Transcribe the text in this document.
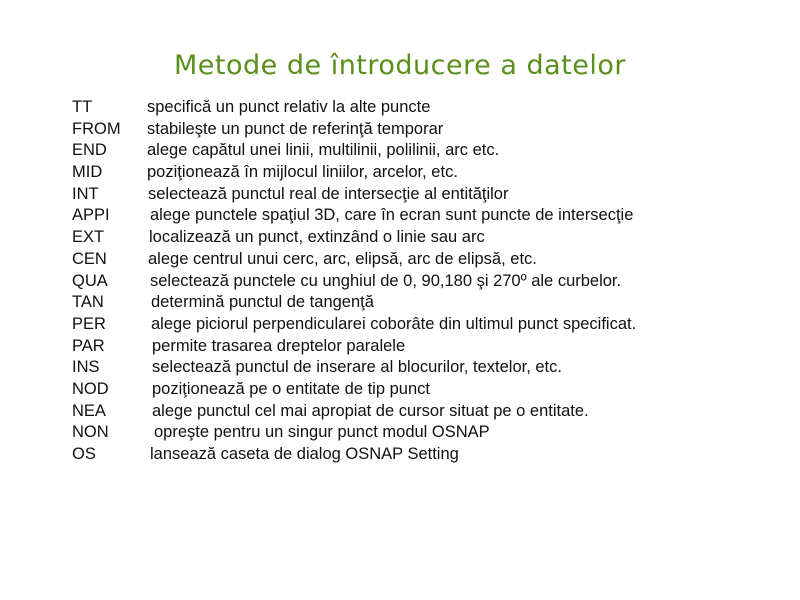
Metode de întroducere a datelor
TT	specifică un punct relativ la alte puncte
FROM stabileşte un punct de referinţă temporar
END alege capătul unei linii, multilinii, polilinii, arc etc.
MID	poziţionează în mijlocul liniilor, arcelor, etc.
INT	selectează punctul real de intersecţie al entităţilor
APPI alege punctele spaţiul 3D, care în ecran sunt puncte de intersecţie
EXT	localizează un punct, extinzând o linie sau arc
CEN alege centrul unui cerc, arc, elipsă, arc de elipsă, etc.
QUA	selectează punctele cu unghiul de 0, 90,180 şi 270º ale curbelor.
TAN	determină punctul de tangenţă
PER	alege piciorul perpendicularei coborâte din ultimul punct specificat.
PAR	permite trasarea dreptelor paralele
INS	selectează punctul de inserare al blocurilor, textelor, etc.
NOD	poziţionează pe o entitate de tip punct
NEA	alege punctul cel mai apropiat de cursor situat pe o entitate.
NON	opreşte pentru un singur punct modul OSNAP
OS	lansează caseta de dialog OSNAP Setting
